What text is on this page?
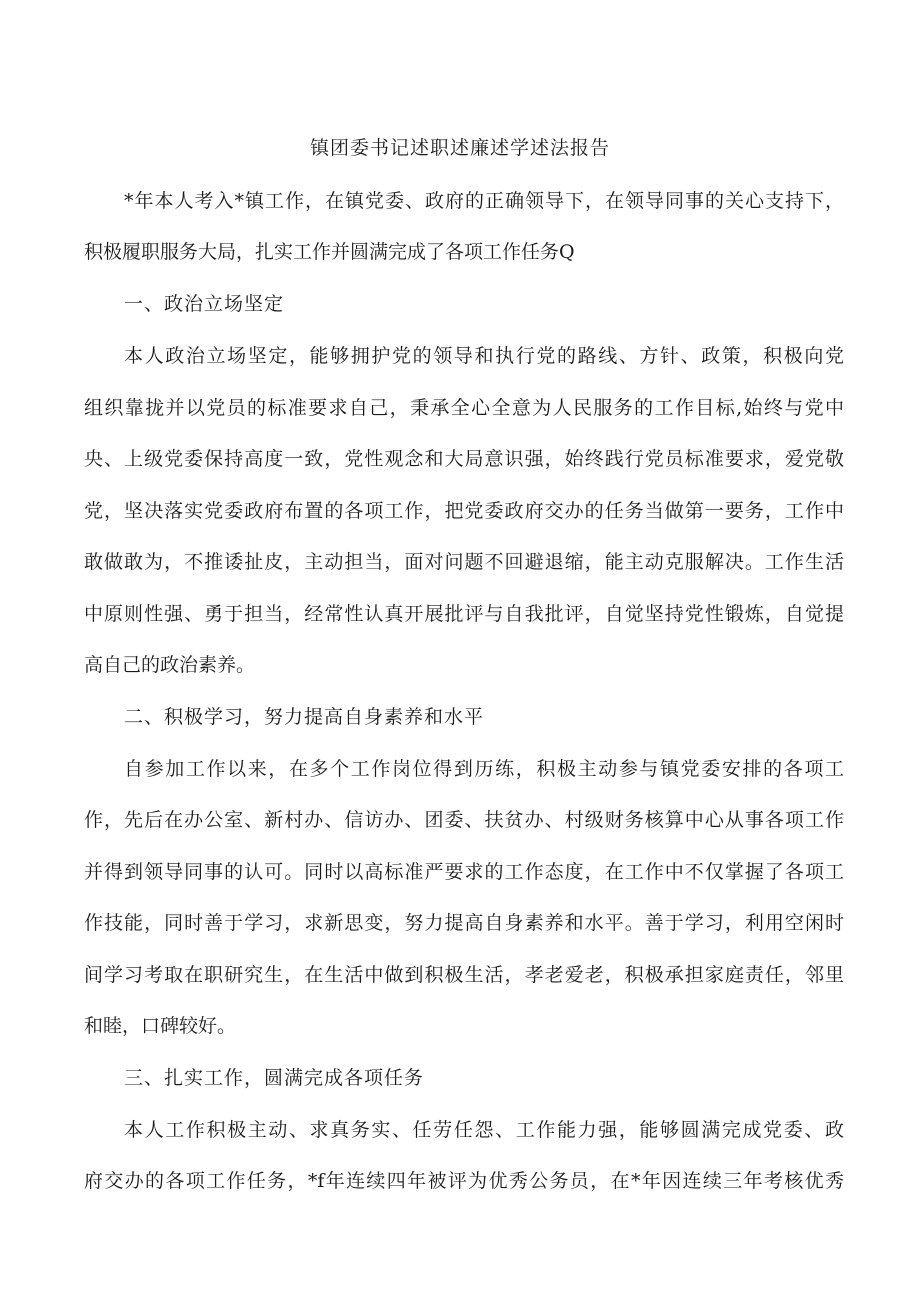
镇团委书记述职述廉述学述法报告
*年本人考入*镇工作，在镇党委、政府的正确领导下，在领导同事的关心支持下，
积极履职服务大局，扎实工作并圆满完成了各项工作任务Q
一、政治立场坚定
本人政治立场坚定，能够拥护党的领导和执行党的路线、方针、政策，积极向党
组织靠拢并以党员的标准要求自己，秉承全心全意为人民服务的工作目标,始终与党中
央、上级党委保持高度一致，党性观念和大局意识强，始终践行党员标准要求，爱党敬
党，坚决落实党委政府布置的各项工作，把党委政府交办的任务当做第一要务，工作中
敢做敢为，不推诿扯皮，主动担当，面对问题不回避退缩，能主动克服解决。工作生活
中原则性强、勇于担当，经常性认真开展批评与自我批评，自觉坚持党性锻炼，自觉提
高自己的政治素养。
二、积极学习，努力提高自身素养和水平
自参加工作以来，在多个工作岗位得到历练，积极主动参与镇党委安排的各项工
作，先后在办公室、新村办、信访办、团委、扶贫办、村级财务核算中心从事各项工作
并得到领导同事的认可。同时以高标准严要求的工作态度，在工作中不仅掌握了各项工
作技能，同时善于学习，求新思变，努力提高自身素养和水平。善于学习，利用空闲时
间学习考取在职研究生，在生活中做到积极生活，孝老爱老，积极承担家庭责任，邻里
和睦，口碑较好。
三、扎实工作，圆满完成各项任务
本人工作积极主动、求真务实、任劳任怨、工作能力强，能够圆满完成党委、政
府交办的各项工作任务，*f年连续四年被评为优秀公务员，在*年因连续三年考核优秀
